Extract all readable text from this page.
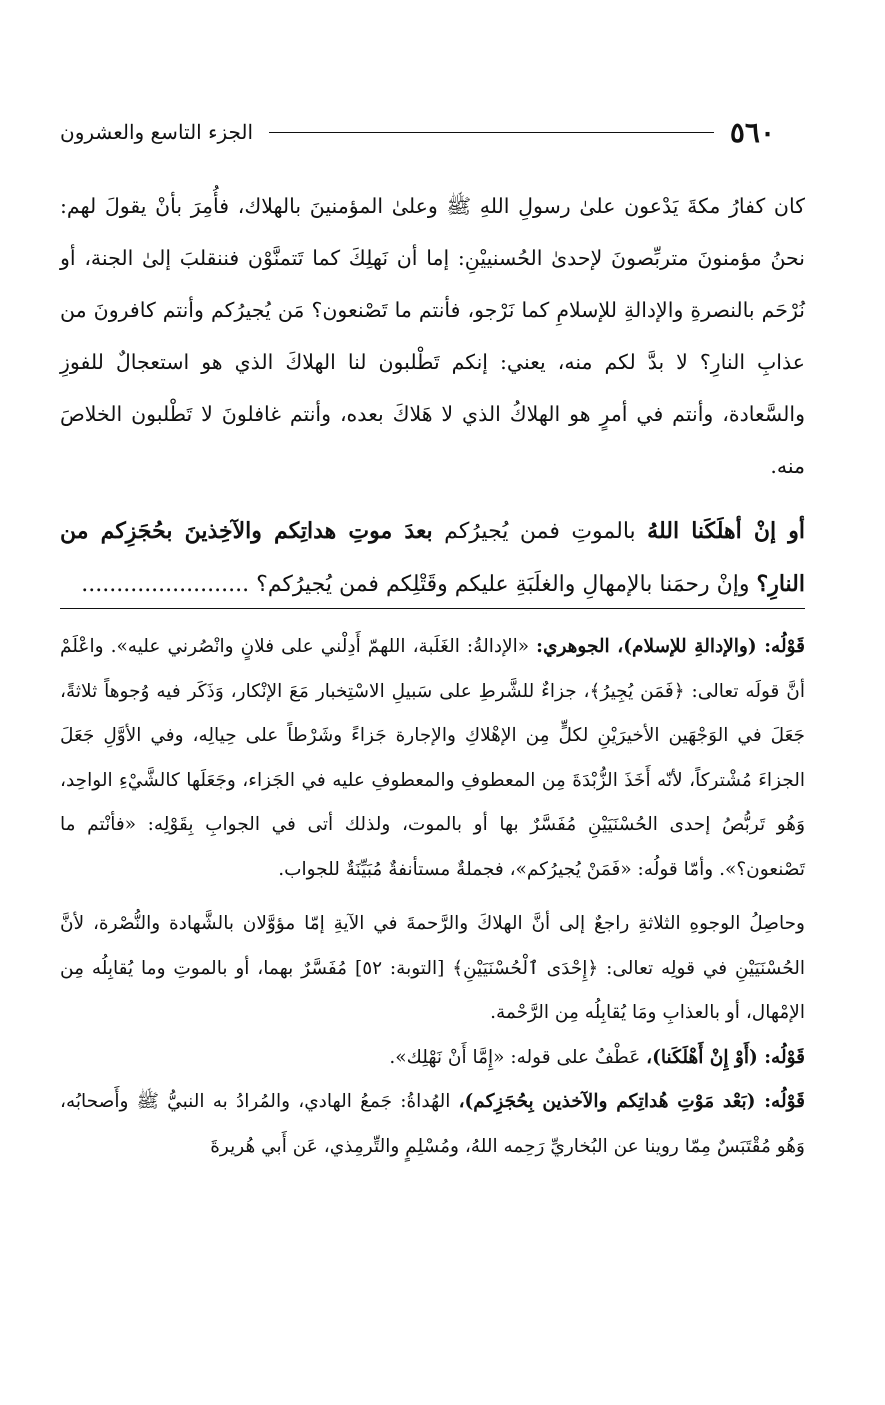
٥٦٠
الجزء التاسع والعشرون

كان كفارُ مكةَ يَدْعون علىٰ رسولِ اللهِ ﷺ وعلىٰ المؤمنينَ بالهلاك، فأُمِرَ بأنْ يقولَ لهم: نحنُ مؤمنونَ متربِّصونَ لإحدىٰ الحُسنييْنِ: إما أن نَهلِكَ كما تَتمنَّوْن فننقلبَ إلىٰ الجنة، أو نُرْحَم بالنصرةِ والإدالةِ للإسلامِ كما نَرْجو، فأنتم ما تَصْنعون؟ مَن يُجيرُكم وأنتم كافرونَ من عذابِ النارِ؟ لا بدَّ لكم منه، يعني: إنكم تَطْلبون لنا الهلاكَ الذي هو استعجالٌ للفوزِ والسَّعادة، وأنتم في أمرٍ هو الهلاكُ الذي لا هَلاكَ بعده، وأنتم غافلونَ لا تَطْلبون الخلاصَ منه.

أو إنْ أهلَكَنا اللهُ بالموتِ فمن يُجيرُكم بعدَ موتِ هداتِكم والآخِذينَ بحُجَزِكم من النارِ؟ وإنْ رحمَنا بالإمهالِ والغلَبَةِ عليكم وقَتْلِكم فمن يُجيرُكم؟ ........................

قَوْلُه: (والإدالةِ للإسلام)، الجوهري: «الإدالةُ: الغَلَبة، اللهمّ أَدِلْني على فلانٍ وانْصُرني عليه». واعْلَمْ أنَّ قولَه تعالى: ﴿فَمَن يُجِيرُ﴾، جزاءٌ للشَّرطِ على سَبيلِ الاسْتِخبار مَعَ الإنْكار، وَذَكَر فيه وُجوهاً ثلاثةً، جَعَلَ في الوَجْهَين الأخيرَيْنِ لكلٍّ مِن الإهْلاكِ والإجارة جَزاءً وشَرْطاً على حِيالِه، وفي الأوَّلِ جَعَلَ الجزاءَ مُشْتركاً، لأنّه أَخَذَ الزُّبْدَةَ مِن المعطوفِ والمعطوفِ عليه في الجَزاء، وجَعَلَها كالشَّيْءِ الواحِد، وَهُو تَربُّصُ إحدى الحُسْنَيَيْنِ مُفَسَّرٌ بها أو بالموت، ولذلك أتى في الجوابِ بِقَوْلِه: «فأنْتم ما تَصْنعون؟». وأمّا قولُه: «فَمَنْ يُجيرُكم»، فجملةٌ مستأنفةٌ مُبَيِّنَةٌ للجواب.

وحاصِلُ الوجوهِ الثلاثةِ راجعٌ إلى أنَّ الهلاكَ والرَّحمةَ في الآيةِ إمّا مؤوَّلان بالشَّهادة والنُّصْرة، لأنَّ الحُسْنَيَيْنِ في قولِه تعالى: ﴿إِحْدَى ٱلْحُسْنَيَيْنِ﴾ [التوبة: ٥٢] مُفَسَّرٌ بهما، أو بالموتِ وما يُقابِلُه مِن الإمْهال، أو بالعذابِ ومَا يُقابِلُه مِن الرَّحْمة.

قَوْلُه: (أَوْ إِنْ أَهْلَكَنا)، عَطْفٌ على قوله: «إِمَّا أَنْ نَهْلِك».

قَوْلُه: (بَعْد مَوْتِ هُداتِكم والآخذين بِحُجَزِكم)، الهُداةُ: جَمعُ الهادي، والمُرادُ به النبيُّ ﷺ وأَصحابُه، وَهُو مُقْتَبَسٌ مِمّا روينا عن البُخاريِّ رَحِمه اللهُ، ومُسْلِمٍ والتِّرمِذي، عَن أَبي هُريرةَ
